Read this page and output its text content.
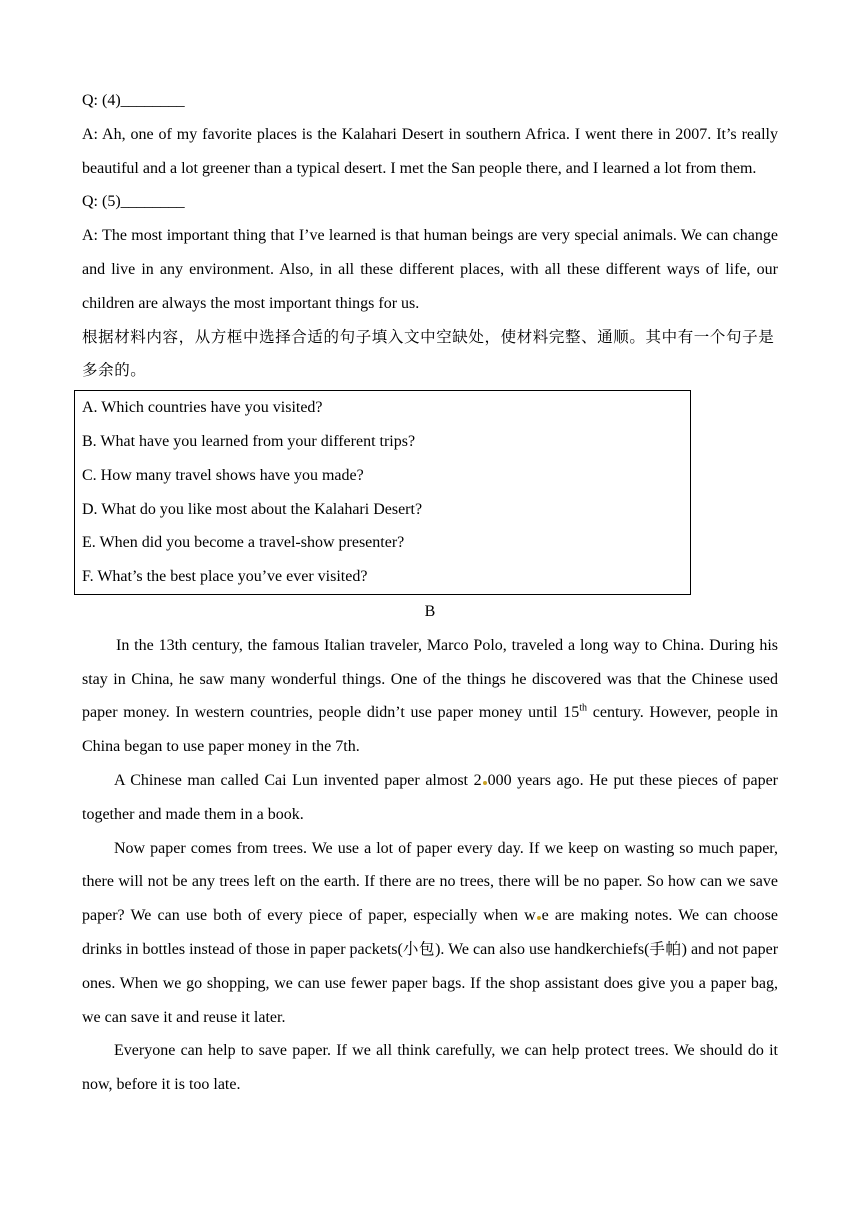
Q: (4)________

A: Ah, one of my favorite places is the Kalahari Desert in southern Africa. I went there in 2007. It’s really beautiful and a lot greener than a typical desert. I met the San people there, and I learned a lot from them.

Q: (5)________

A: The most important thing that I’ve learned is that human beings are very special animals. We can change and live in any environment. Also, in all these different places, with all these different ways of life, our children are always the most important things for us.

根据材料内容，从方框中选择合适的句子填入文中空缺处，使材料完整、通顺。其中有一个句子是多余的。

A. Which countries have you visited?

B. What have you learned from your different trips?

C. How many travel shows have you made?

D. What do you like most about the Kalahari Desert?

E. When did you become a travel-show presenter?

F. What’s the best place you’ve ever visited?

B

In the 13th century, the famous Italian traveler, Marco Polo, traveled a long way to China. During his stay in China, he saw many wonderful things. One of the things he discovered was that the Chinese used paper money. In western countries, people didn’t use paper money until 15th century. However, people in China began to use paper money in the 7th.

A Chinese man called Cai Lun invented paper almost 2 000 years ago. He put these pieces of paper together and made them in a book.

Now paper comes from trees. We use a lot of paper every day. If we keep on wasting so much paper, there will not be any trees left on the earth. If there are no trees, there will be no paper. So how can we save paper? We can use both of every piece of paper, especially when w e are making notes. We can choose drinks in bottles instead of those in paper packets(小包). We can also use handkerchiefs(手帕) and not paper ones. When we go shopping, we can use fewer paper bags. If the shop assistant does give you a paper bag, we can save it and reuse it later.

Everyone can help to save paper. If we all think carefully, we can help protect trees. We should do it now, before it is too late.
